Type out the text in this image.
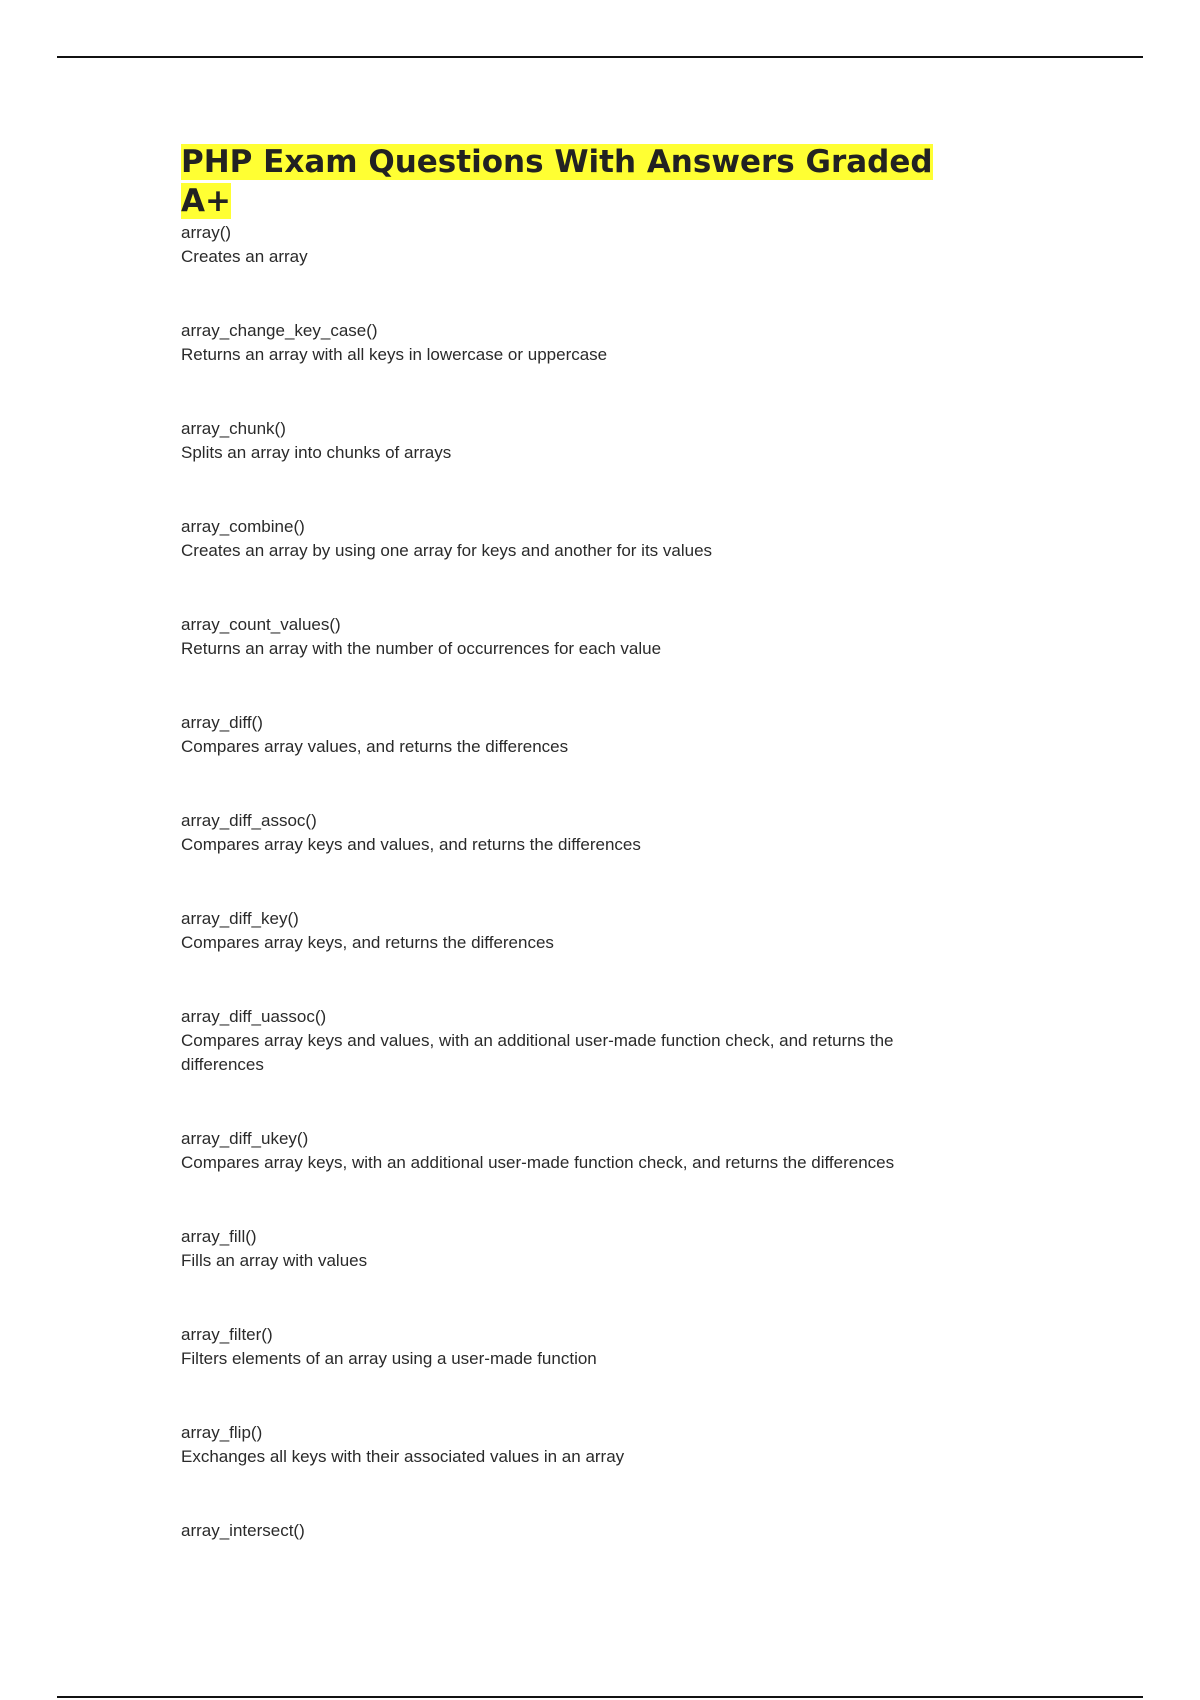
PHP Exam Questions With Answers Graded A+
array()
Creates an array
array_change_key_case()
Returns an array with all keys in lowercase or uppercase
array_chunk()
Splits an array into chunks of arrays
array_combine()
Creates an array by using one array for keys and another for its values
array_count_values()
Returns an array with the number of occurrences for each value
array_diff()
Compares array values, and returns the differences
array_diff_assoc()
Compares array keys and values, and returns the differences
array_diff_key()
Compares array keys, and returns the differences
array_diff_uassoc()
Compares array keys and values, with an additional user-made function check, and returns the differences
array_diff_ukey()
Compares array keys, with an additional user-made function check, and returns the differences
array_fill()
Fills an array with values
array_filter()
Filters elements of an array using a user-made function
array_flip()
Exchanges all keys with their associated values in an array
array_intersect()
